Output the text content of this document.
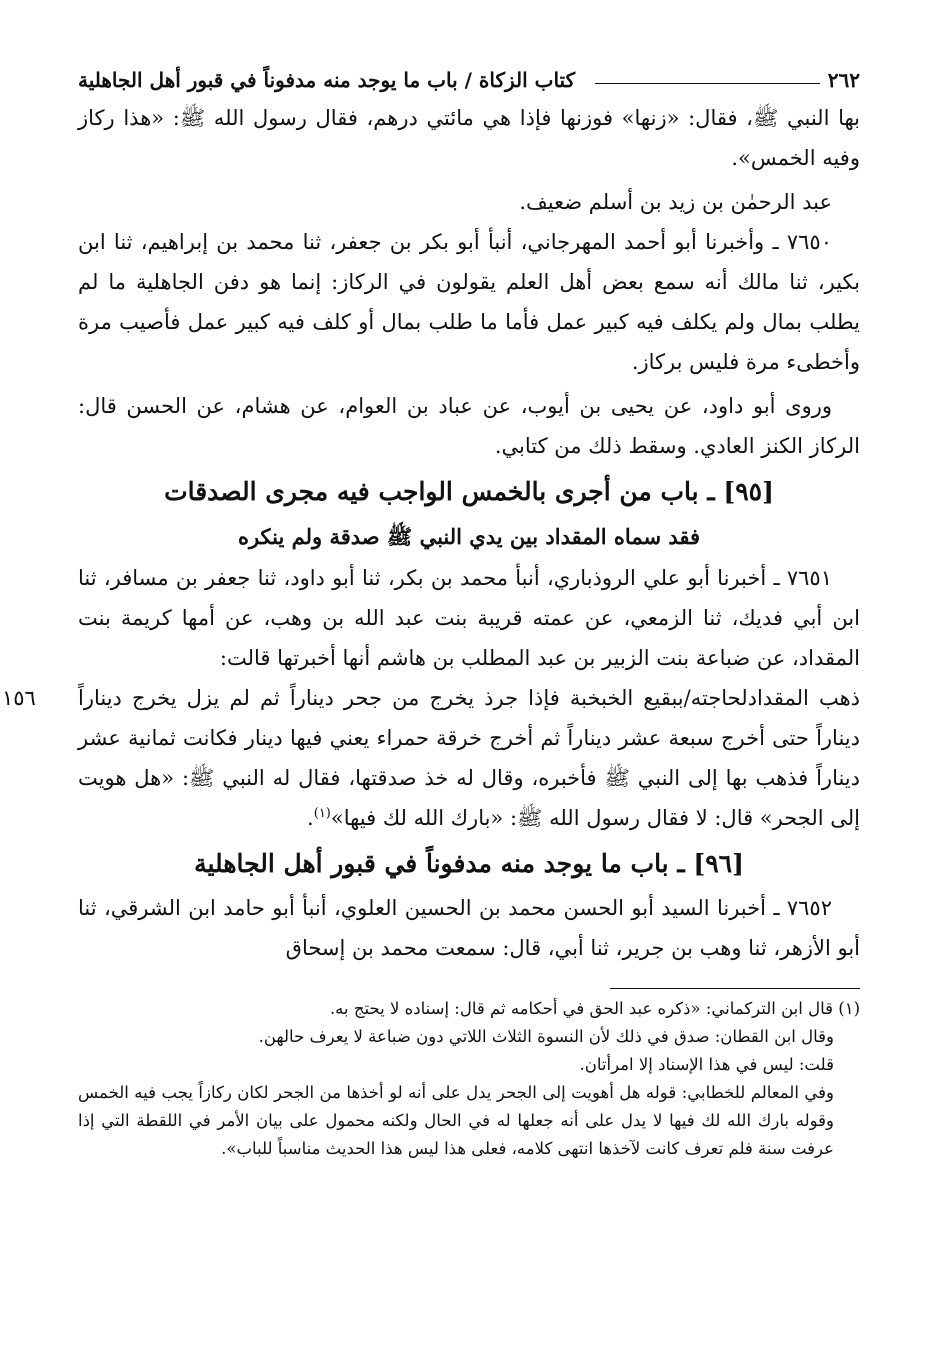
٢٦٢
كتاب الزكاة / باب ما يوجد منه مدفوناً في قبور أهل الجاهلية

بها النبي ﷺ، فقال: «زنها» فوزنها فإذا هي مائتي درهم، فقال رسول الله ﷺ: «هذا ركاز وفيه الخمس».

عبد الرحمٰن بن زيد بن أسلم ضعيف.

٧٦٥٠ ـ وأخبرنا أبو أحمد المهرجاني، أنبأ أبو بكر بن جعفر، ثنا محمد بن إبراهيم، ثنا ابن بكير، ثنا مالك أنه سمع بعض أهل العلم يقولون في الركاز: إنما هو دفن الجاهلية ما لم يطلب بمال ولم يكلف فيه كبير عمل فأما ما طلب بمال أو كلف فيه كبير عمل فأصيب مرة وأخطىء مرة فليس بركاز.

وروى أبو داود، عن يحيى بن أيوب، عن عباد بن العوام، عن هشام، عن الحسن قال: الركاز الكنز العادي. وسقط ذلك من كتابي.

[٩٥] ـ باب من أجرى بالخمس الواجب فيه مجرى الصدقات
فقد سماه المقداد بين يدي النبي ﷺ صدقة ولم ينكره

٧٦٥١ ـ أخبرنا أبو علي الروذباري، أنبأ محمد بن بكر، ثنا أبو داود، ثنا جعفر بن مسافر، ثنا ابن أبي فديك، ثنا الزمعي، عن عمته قريبة بنت عبد الله بن وهب، عن أمها كريمة بنت المقداد، عن ضباعة بنت الزبير بن عبد المطلب بن هاشم أنها أخبرتها قالت:

١٥٦	ذهب المقدادلحاجته/ببقيع الخبخبة فإذا جرذ يخرج من جحر ديناراً ثم لم يزل يخرج ديناراً ديناراً حتى أخرج سبعة عشر ديناراً ثم أخرج خرقة حمراء يعني فيها دينار فكانت ثمانية عشر ديناراً فذهب بها إلى النبي ﷺ فأخبره، وقال له خذ صدقتها، فقال له النبي ﷺ: «هل هويت إلى الجحر» قال: لا فقال رسول الله ﷺ: «بارك الله لك فيها»$^{(١)}$.

[٩٦] ـ باب ما يوجد منه مدفوناً في قبور أهل الجاهلية

٧٦٥٢ ـ أخبرنا السيد أبو الحسن محمد بن الحسين العلوي، أنبأ أبو حامد ابن الشرقي، ثنا أبو الأزهر، ثنا وهب بن جرير، ثنا أبي، قال: سمعت محمد بن إسحاق

(١) قال ابن التركماني: «ذكره عبد الحق في أحكامه ثم قال: إسناده لا يحتج به.

وقال ابن القطان: صدق في ذلك لأن النسوة الثلاث اللاتي دون ضباعة لا يعرف حالهن.

قلت: ليس في هذا الإسناد إلا امرأتان.

وفي المعالم للخطابي: قوله هل أهويت إلى الجحر يدل على أنه لو أخذها من الجحر لكان ركازاً يجب فيه الخمس وقوله بارك الله لك فيها لا يدل على أنه جعلها له في الحال ولكنه محمول على بيان الأمر في اللقطة التي إذا عرفت سنة فلم تعرف كانت لآخذها انتهى كلامه، فعلى هذا ليس هذا الحديث مناسباً للباب».
